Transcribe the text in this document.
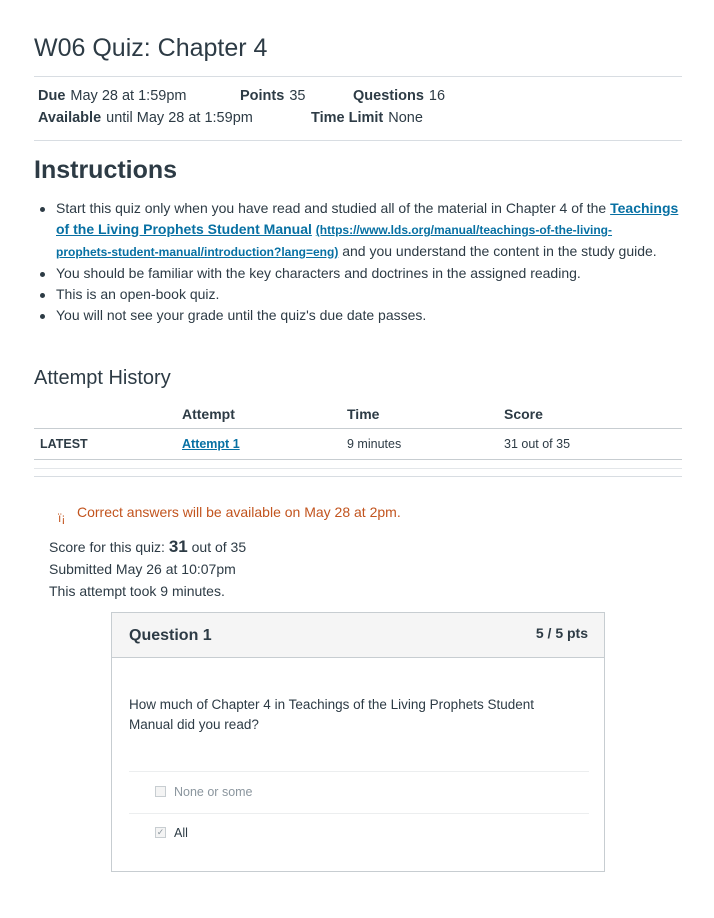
W06 Quiz: Chapter 4
Due May 28 at 1:59pm	Points 35	Questions 16
Available until May 28 at 1:59pm	Time Limit None
Instructions
Start this quiz only when you have read and studied all of the material in Chapter 4 of the Teachings
of the Living Prophets Student Manual (https://www.lds.org/manual/teachings-of-the-living-
prophets-student-manual/introduction?lang=eng) and you understand the content in the study guide.
You should be familiar with the key characters and doctrines in the assigned reading.
This is an open-book quiz.
You will not see your grade until the quiz's due date passes.
Attempt History
	Attempt	Time	Score
LATEST	Attempt 1	9 minutes	31 out of 35
ï¡ Correct answers will be available on May 28 at 2pm.
Score for this quiz: 31 out of 35
Submitted May 26 at 10:07pm
This attempt took 9 minutes.
Question 1	5 / 5 pts
How much of Chapter 4 in Teachings of the Living Prophets Student Manual did you read?
None or some
✓ All
